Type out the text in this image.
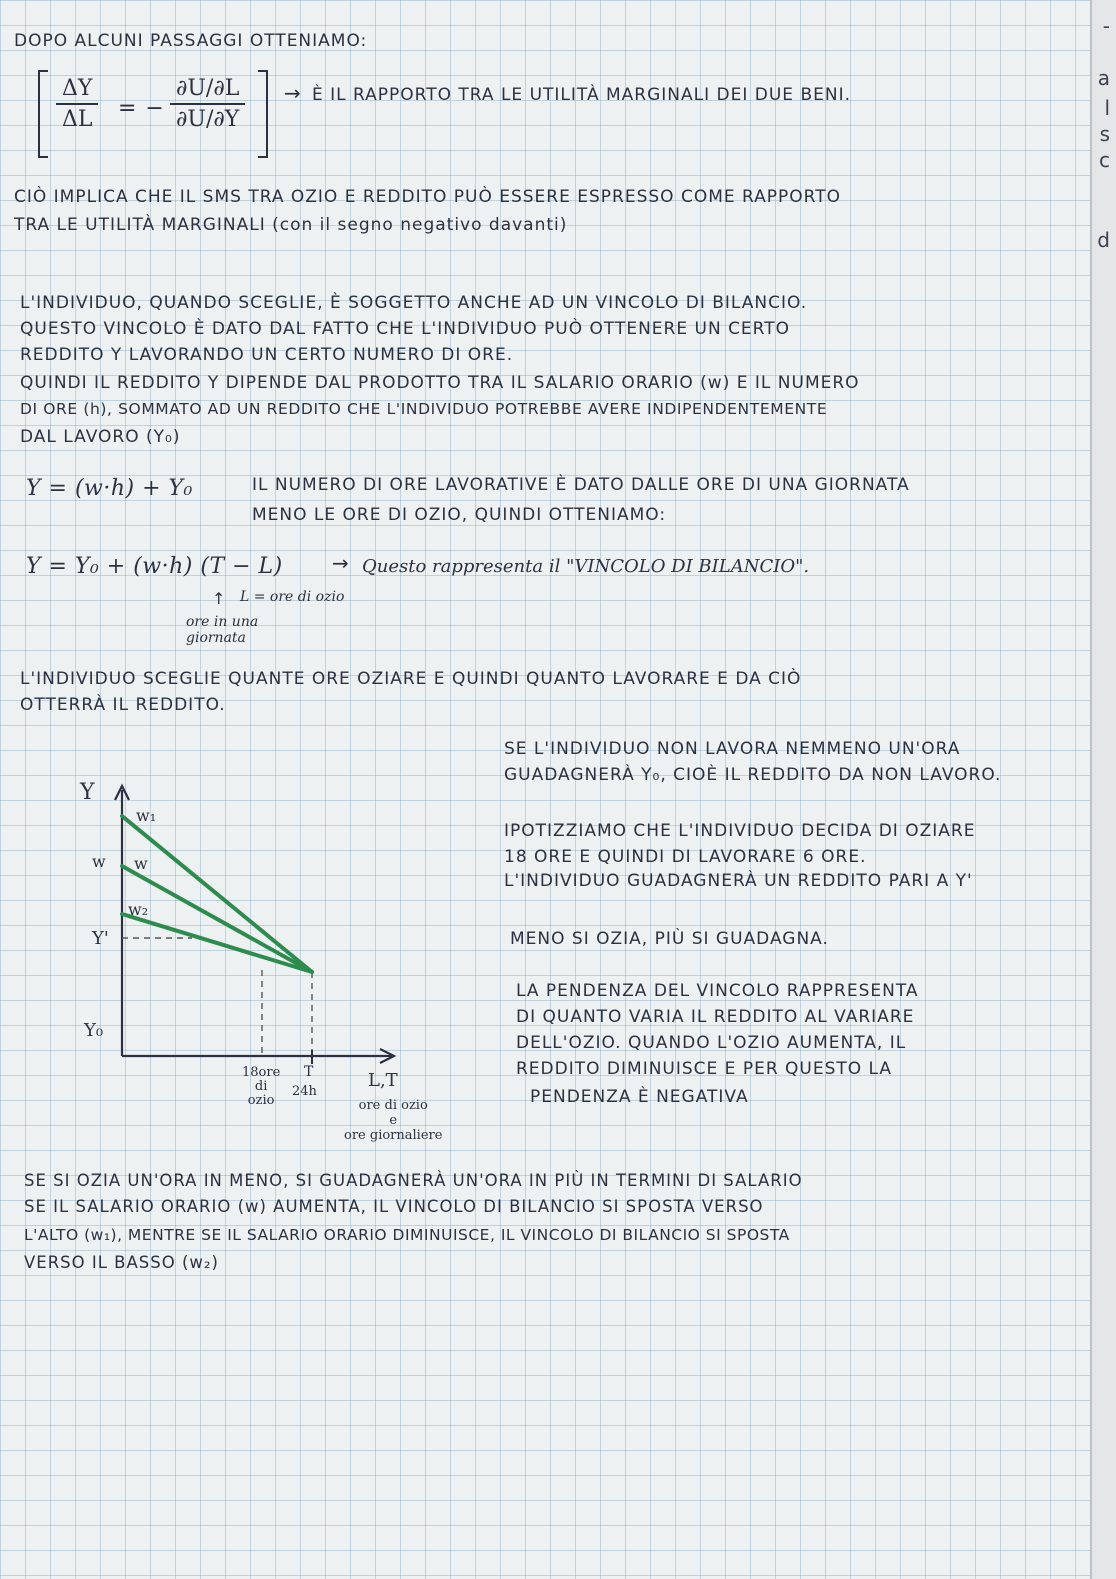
-
a
l
s
c
d
DOPO ALCUNI PASSAGGI OTTENIAMO:
$\frac{\Delta Y}{\Delta L}$ = − $\frac{\partial U/\partial L}{\partial U/\partial Y}$ → È IL RAPPORTO TRA LE UTILITÀ MARGINALI DEI DUE BENI.
CIÒ IMPLICA CHE IL SMS TRA OZIO E REDDITO PUÒ ESSERE ESPRESSO COME RAPPORTO
TRA LE UTILITÀ MARGINALI (con il segno negativo davanti)
L'INDIVIDUO, QUANDO SCEGLIE, È SOGGETTO ANCHE AD UN VINCOLO DI BILANCIO.
QUESTO VINCOLO È DATO DAL FATTO CHE L'INDIVIDUO PUÒ OTTENERE UN CERTO
REDDITO Y LAVORANDO UN CERTO NUMERO DI ORE.
QUINDI IL REDDITO Y DIPENDE DAL PRODOTTO TRA IL SALARIO ORARIO (w) E IL NUMERO
DI ORE (h), SOMMATO AD UN REDDITO CHE L'INDIVIDUO POTREBBE AVERE INDIPENDENTEMENTE
DAL LAVORO (Y₀)
Y = (w·h) + Y₀	IL NUMERO DI ORE LAVORATIVE È DATO DALLE ORE DI UNA GIORNATA
MENO LE ORE DI OZIO, QUINDI OTTENIAMO:
Y = Y₀ + (w·h) (T − L) → Questo rappresenta il "VINCOLO DI BILANCIO".
L = ore di ozio
↑
ore in una
giornata
L'INDIVIDUO SCEGLIE QUANTE ORE OZIARE E QUINDI QUANTO LAVORARE E DA CIÒ
OTTERRÀ IL REDDITO.
SE L'INDIVIDUO NON LAVORA NEMMENO UN'ORA
GUADAGNERÀ Y₀, CIOÈ IL REDDITO DA NON LAVORO.
IPOTIZZIAMO CHE L'INDIVIDUO DECIDA DI OZIARE
18 ORE E QUINDI DI LAVORARE 6 ORE.
L'INDIVIDUO GUADAGNERÀ UN REDDITO PARI A Y'
MENO SI OZIA, PIÙ SI GUADAGNA.
LA PENDENZA DEL VINCOLO RAPPRESENTA
DI QUANTO VARIA IL REDDITO AL VARIARE
DELL'OZIO. QUANDO L'OZIO AUMENTA, IL
REDDITO DIMINUISCE E PER QUESTO LA
PENDENZA È NEGATIVA
Y
w₁
w w
w₂
Y'
Y₀
18ore
di
ozio
T
24h
L,T
ore di ozio
e
ore giornaliere
SE SI OZIA UN'ORA IN MENO, SI GUADAGNERÀ UN'ORA IN PIÙ IN TERMINI DI SALARIO
SE IL SALARIO ORARIO (w) AUMENTA, IL VINCOLO DI BILANCIO SI SPOSTA VERSO
L'ALTO (w₁), MENTRE SE IL SALARIO ORARIO DIMINUISCE, IL VINCOLO DI BILANCIO SI SPOSTA
VERSO IL BASSO (w₂)
